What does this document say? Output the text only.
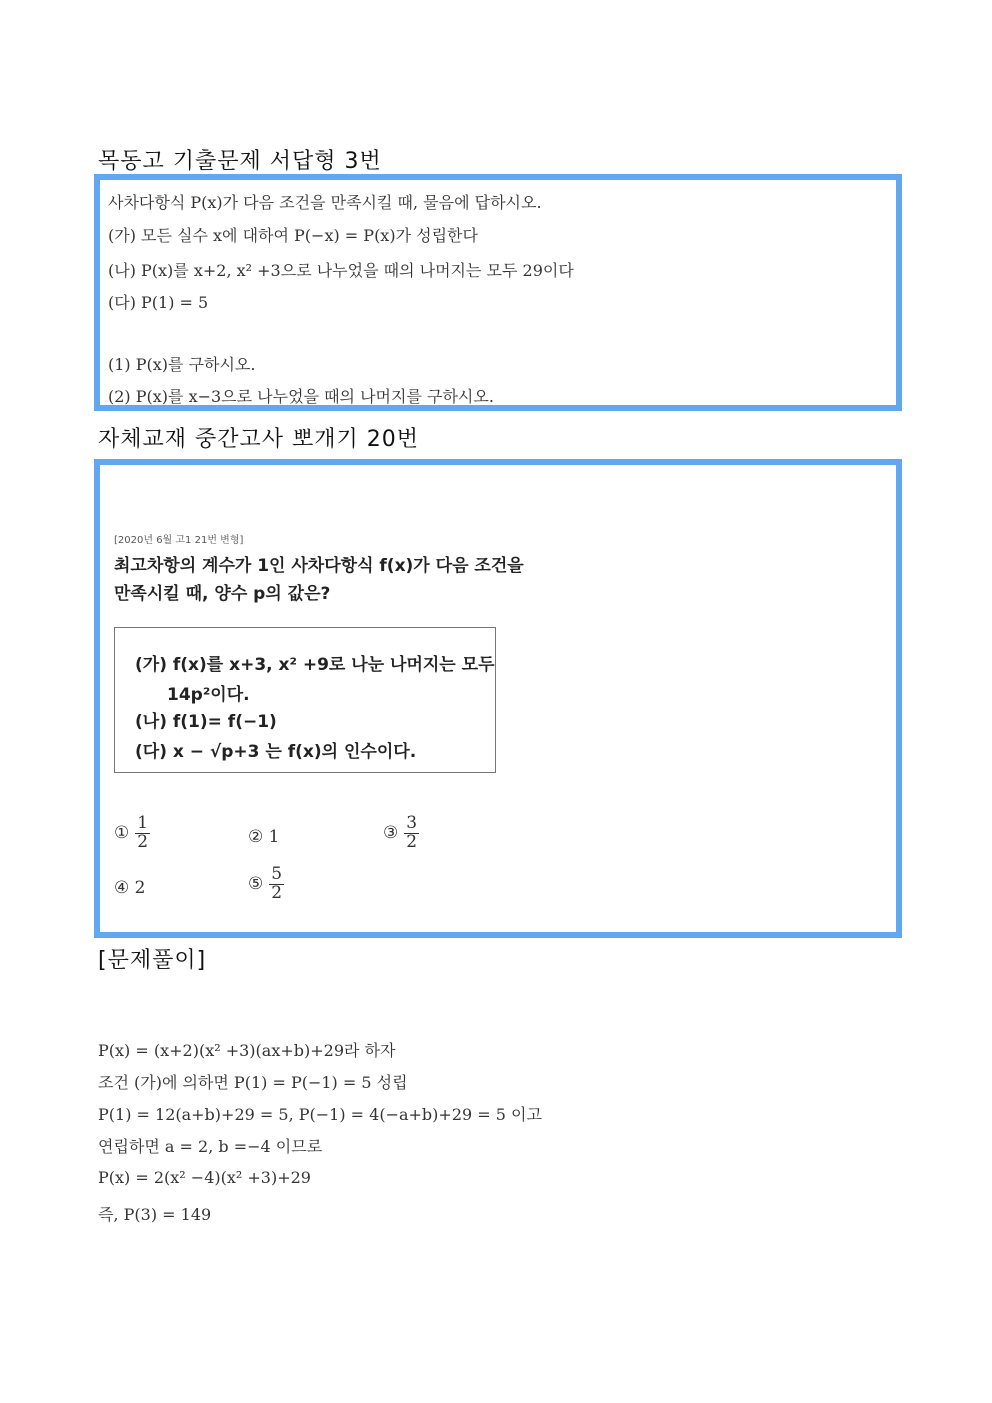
목동고 기출문제 서답형 3번
사차다항식 P(x)가 다음 조건을 만족시킬 때, 물음에 답하시오.
(가) 모든 실수 x에 대하여 P(−x) = P(x)가 성립한다
(나) P(x)를 x+2, x² +3으로 나누었을 때의 나머지는 모두 29이다
(다) P(1) = 5
(1) P(x)를 구하시오.
(2) P(x)를 x−3으로 나누었을 때의 나머지를 구하시오.
자체교재 중간고사 뽀개기 20번
[2020년 6월 고1 21번 변형]
최고차항의 계수가 1인 사차다항식 f(x)가 다음 조건을
만족시킬 때, 양수 p의 값은?
(가) f(x)를 x+3, x² +9로 나눈 나머지는 모두
14p²이다.
(나) f(1)= f(−1)
(다) x − √p+3 는 f(x)의 인수이다.
① $\frac{1}{2}$	② 1	③ $\frac{3}{2}$
④ 2	⑤ $\frac{5}{2}$
[문제풀이]
P(x) = (x+2)(x² +3)(ax+b)+29라 하자
조건 (가)에 의하면 P(1) = P(−1) = 5 성립
P(1) = 12(a+b)+29 = 5, P(−1) = 4(−a+b)+29 = 5 이고
연립하면 a = 2, b =−4 이므로
P(x) = 2(x² −4)(x² +3)+29
즉, P(3) = 149
